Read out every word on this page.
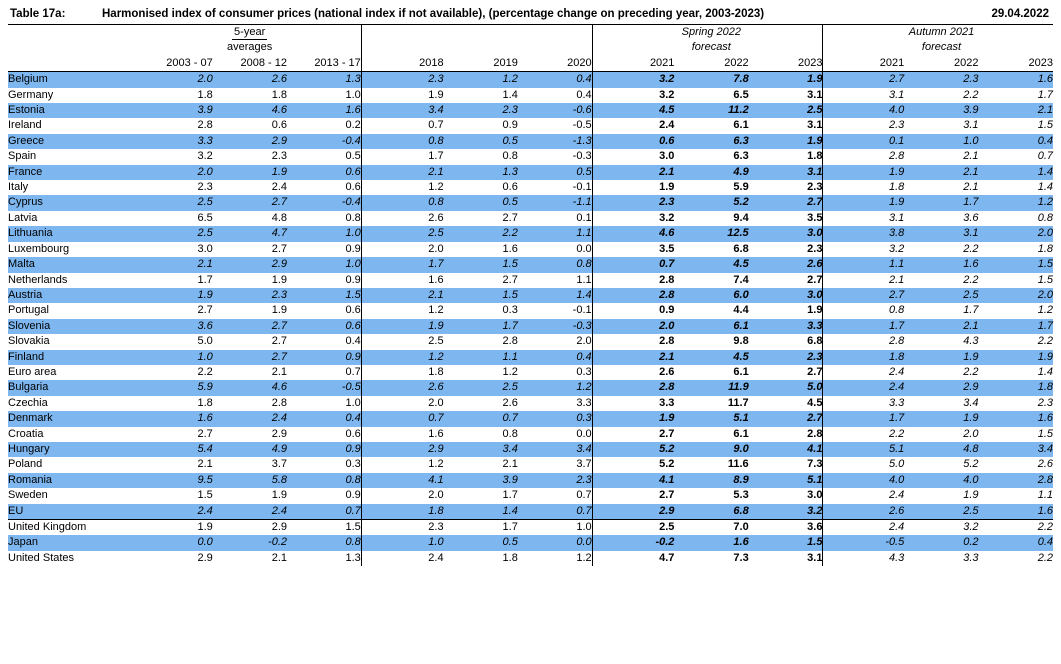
Table 17a:	Harmonised index of consumer prices (national index if not available), (percentage change on preceding year, 2003-2023)	29.04.2022
	5-year								Spring 2022				Autumn 2021		
	averages								forecast				forecast		
	2003 - 07	2008 - 12	2013 - 17		2018	2019	2020		2021	2022	2023		2021	2022	2023
Belgium	2.0	2.6	1.3		2.3	1.2	0.4		3.2	7.8	1.9		2.7	2.3	1.6
Germany	1.8	1.8	1.0		1.9	1.4	0.4		3.2	6.5	3.1		3.1	2.2	1.7
Estonia	3.9	4.6	1.6		3.4	2.3	-0.6		4.5	11.2	2.5		4.0	3.9	2.1
Ireland	2.8	0.6	0.2		0.7	0.9	-0.5		2.4	6.1	3.1		2.3	3.1	1.5
Greece	3.3	2.9	-0.4		0.8	0.5	-1.3		0.6	6.3	1.9		0.1	1.0	0.4
Spain	3.2	2.3	0.5		1.7	0.8	-0.3		3.0	6.3	1.8		2.8	2.1	0.7
France	2.0	1.9	0.6		2.1	1.3	0.5		2.1	4.9	3.1		1.9	2.1	1.4
Italy	2.3	2.4	0.6		1.2	0.6	-0.1		1.9	5.9	2.3		1.8	2.1	1.4
Cyprus	2.5	2.7	-0.4		0.8	0.5	-1.1		2.3	5.2	2.7		1.9	1.7	1.2
Latvia	6.5	4.8	0.8		2.6	2.7	0.1		3.2	9.4	3.5		3.1	3.6	0.8
Lithuania	2.5	4.7	1.0		2.5	2.2	1.1		4.6	12.5	3.0		3.8	3.1	2.0
Luxembourg	3.0	2.7	0.9		2.0	1.6	0.0		3.5	6.8	2.3		3.2	2.2	1.8
Malta	2.1	2.9	1.0		1.7	1.5	0.8		0.7	4.5	2.6		1.1	1.6	1.5
Netherlands	1.7	1.9	0.9		1.6	2.7	1.1		2.8	7.4	2.7		2.1	2.2	1.5
Austria	1.9	2.3	1.5		2.1	1.5	1.4		2.8	6.0	3.0		2.7	2.5	2.0
Portugal	2.7	1.9	0.6		1.2	0.3	-0.1		0.9	4.4	1.9		0.8	1.7	1.2
Slovenia	3.6	2.7	0.6		1.9	1.7	-0.3		2.0	6.1	3.3		1.7	2.1	1.7
Slovakia	5.0	2.7	0.4		2.5	2.8	2.0		2.8	9.8	6.8		2.8	4.3	2.2
Finland	1.0	2.7	0.9		1.2	1.1	0.4		2.1	4.5	2.3		1.8	1.9	1.9
Euro area	2.2	2.1	0.7		1.8	1.2	0.3		2.6	6.1	2.7		2.4	2.2	1.4
Bulgaria	5.9	4.6	-0.5		2.6	2.5	1.2		2.8	11.9	5.0		2.4	2.9	1.8
Czechia	1.8	2.8	1.0		2.0	2.6	3.3		3.3	11.7	4.5		3.3	3.4	2.3
Denmark	1.6	2.4	0.4		0.7	0.7	0.3		1.9	5.1	2.7		1.7	1.9	1.6
Croatia	2.7	2.9	0.6		1.6	0.8	0.0		2.7	6.1	2.8		2.2	2.0	1.5
Hungary	5.4	4.9	0.9		2.9	3.4	3.4		5.2	9.0	4.1		5.1	4.8	3.4
Poland	2.1	3.7	0.3		1.2	2.1	3.7		5.2	11.6	7.3		5.0	5.2	2.6
Romania	9.5	5.8	0.8		4.1	3.9	2.3		4.1	8.9	5.1		4.0	4.0	2.8
Sweden	1.5	1.9	0.9		2.0	1.7	0.7		2.7	5.3	3.0		2.4	1.9	1.1
EU	2.4	2.4	0.7		1.8	1.4	0.7		2.9	6.8	3.2		2.6	2.5	1.6
United Kingdom	1.9	2.9	1.5		2.3	1.7	1.0		2.5	7.0	3.6		2.4	3.2	2.2
Japan	0.0	-0.2	0.8		1.0	0.5	0.0		-0.2	1.6	1.5		-0.5	0.2	0.4
United States	2.9	2.1	1.3		2.4	1.8	1.2		4.7	7.3	3.1		4.3	3.3	2.2
